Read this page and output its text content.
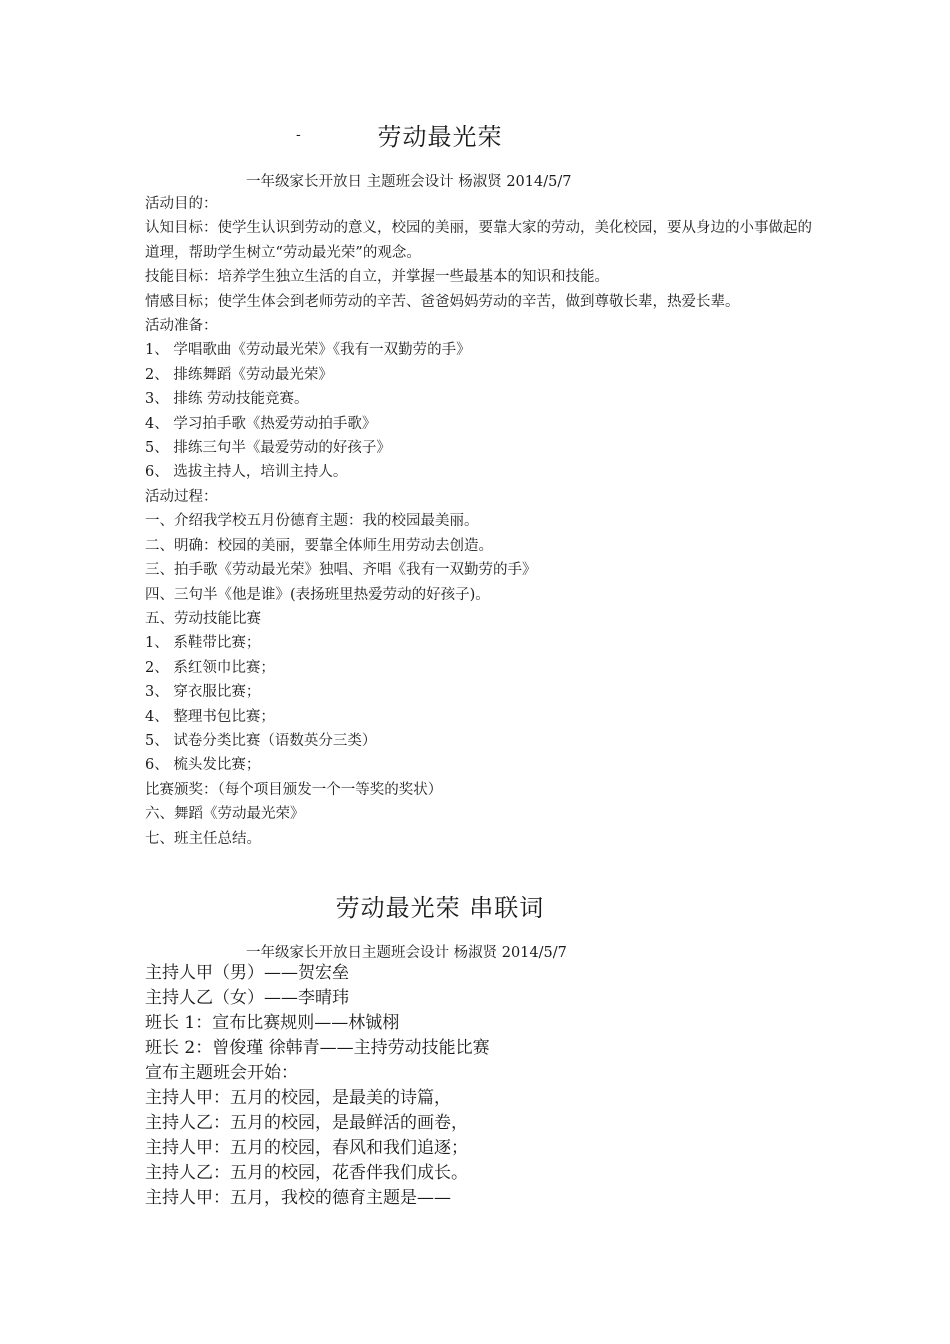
劳动最光荣
-
一年级家长开放日 主题班会设计 杨淑贤 2014/5/7
活动目的：
认知目标：使学生认识到劳动的意义，校园的美丽，要靠大家的劳动，美化校园，要从身边的小事做起的道理，帮助学生树立“劳动最光荣”的观念。
技能目标：培养学生独立生活的自立，并掌握一些最基本的知识和技能。
情感目标；使学生体会到老师劳动的辛苦、爸爸妈妈劳动的辛苦，做到尊敬长辈，热爱长辈。
活动准备：
1、 学唱歌曲《劳动最光荣》《我有一双勤劳的手》
2、 排练舞蹈《劳动最光荣》
3、 排练 劳动技能竞赛。
4、 学习拍手歌《热爱劳动拍手歌》
5、 排练三句半《最爱劳动的好孩子》
6、 选拔主持人，培训主持人。
活动过程：
一、介绍我学校五月份德育主题：我的校园最美丽。
二、明确：校园的美丽，要靠全体师生用劳动去创造。
三、拍手歌《劳动最光荣》独唱、齐唱《我有一双勤劳的手》
四、三句半《他是谁》(表扬班里热爱劳动的好孩子)。
五、劳动技能比赛
1、 系鞋带比赛；
2、 系红领巾比赛；
3、 穿衣服比赛；
4、 整理书包比赛；
5、 试卷分类比赛（语数英分三类）
6、 梳头发比赛；
比赛颁奖：（每个项目颁发一个一等奖的奖状）
六、舞蹈《劳动最光荣》
七、班主任总结。
劳动最光荣 串联词
一年级家长开放日主题班会设计 杨淑贤 2014/5/7
主持人甲（男）——贺宏垒
主持人乙（女）——李晴玮
班长 1：宣布比赛规则——林铖栩
班长 2：曾俊瑾 徐韩青——主持劳动技能比赛
宣布主题班会开始：
主持人甲：五月的校园，是最美的诗篇，
主持人乙：五月的校园，是最鲜活的画卷，
主持人甲：五月的校园，春风和我们追逐；
主持人乙：五月的校园，花香伴我们成长。
主持人甲：五月，我校的德育主题是——
